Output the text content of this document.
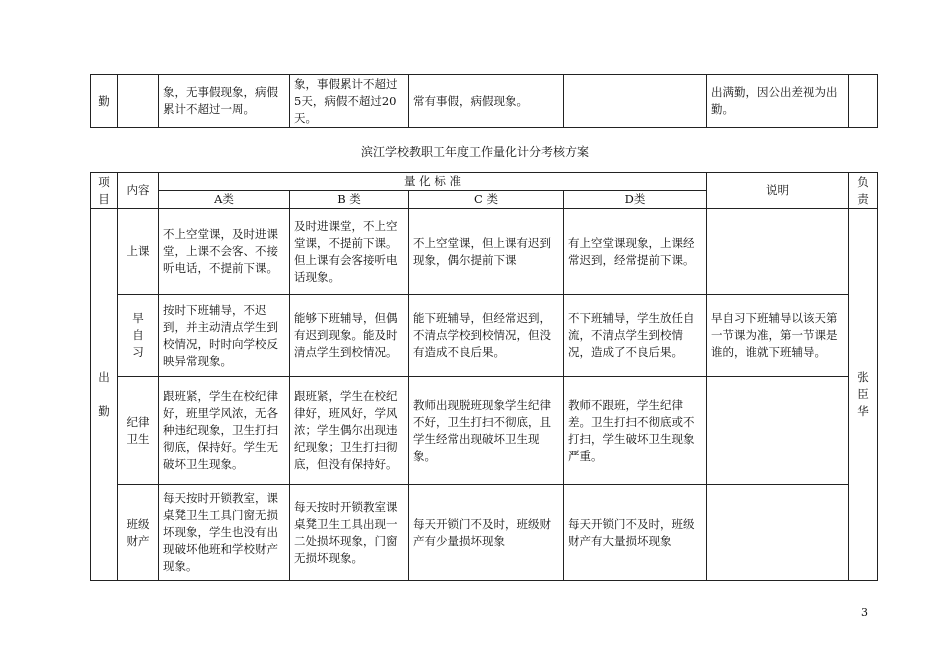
勤		象，无事假现象，病假累计不超过一周。	象，事假累计不超过5天，病假不超过20天。	常有事假，病假现象。		出满勤，因公出差视为出勤。	
滨江学校教职工年度工作量化计分考核方案
项
目	内容	量 化 标 准				说明	负
责

		A类	B 类	C 类	D类		

出
勤	上课	不上空堂课，及时进课堂，上课不会客、不接听电话，不提前下课。	及时进课堂，不上空堂课，不提前下课。但上课有会客接听电话现象。	不上空堂课，但上课有迟到现象，偶尔提前下课	有上空堂课现象，上课经常迟到，经常提前下课。		张
臣
华

	早
自
习	按时下班辅导，不迟到，并主动清点学生到校情况，时时向学校反映异常现象。	能够下班辅导，但偶有迟到现象。能及时清点学生到校情况。	能下班辅导，但经常迟到，不清点学校到校情况，但没有造成不良后果。	不下班辅导，学生放任自流，不清点学生到校情况，造成了不良后果。	早自习下班辅导以该天第一节课为准，第一节课是谁的，谁就下班辅导。	

	纪律
卫生	跟班紧，学生在校纪律好，班里学风浓，无各种违纪现象，卫生打扫彻底，保持好。学生无破坏卫生现象。	跟班紧，学生在校纪律好，班风好，学风浓；学生偶尔出现违纪现象；卫生打扫彻底，但没有保持好。	教师出现脱班现象学生纪律不好，卫生打扫不彻底，且学生经常出现破坏卫生现象。	教师不跟班，学生纪律差。卫生打扫不彻底或不打扫，学生破坏卫生现象严重。		

	班级
财产	每天按时开锁教室，课桌凳卫生工具门窗无损坏现象，学生也没有出现破坏他班和学校财产现象。	每天按时开锁教室课桌凳卫生工具出现一二处损坏现象，门窗无损坏现象。	每天开锁门不及时，班级财产有少量损坏现象	每天开锁门不及时，班级财产有大量损坏现象		
3
